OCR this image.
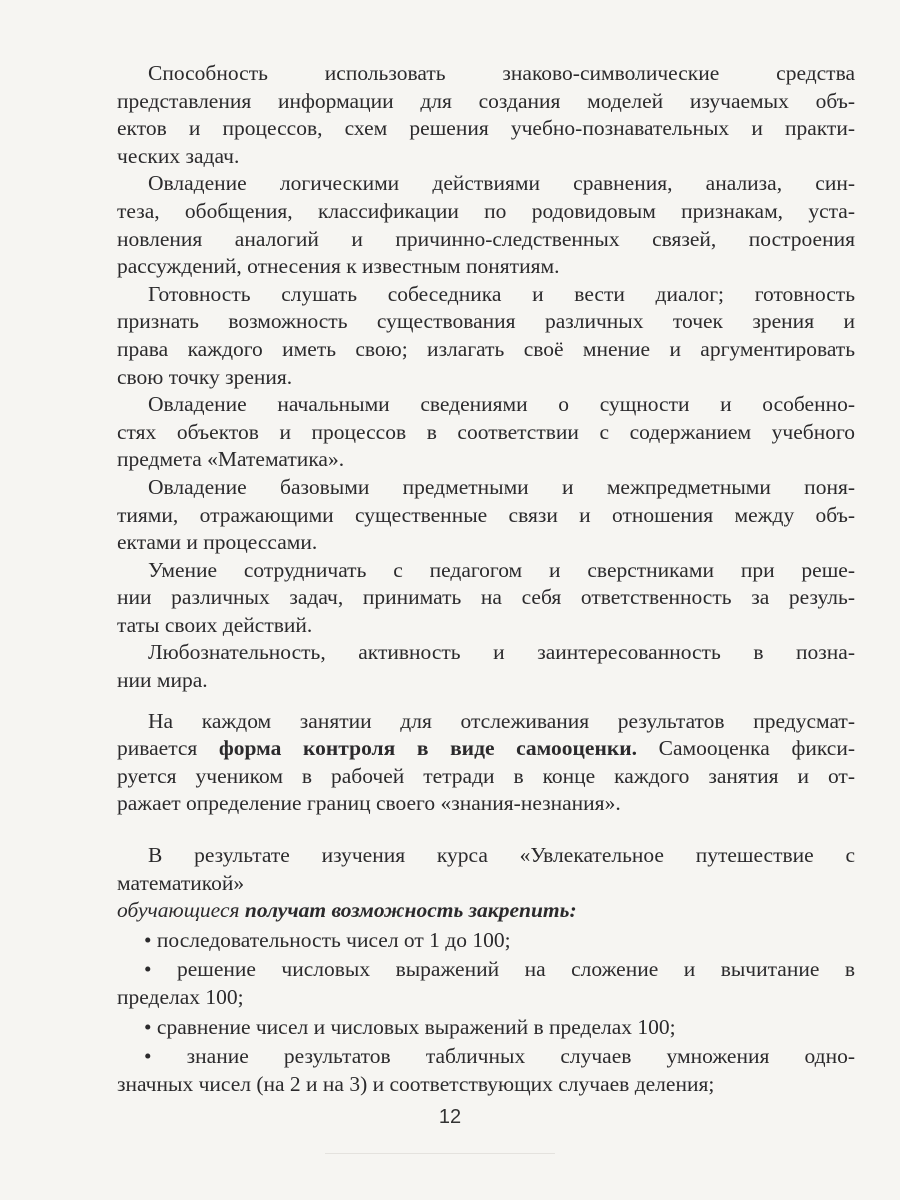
Способность использовать знаково-символические средства
представления информации для создания моделей изучаемых объ-
ектов и процессов, схем решения учебно-познавательных и практи-
ческих задач.
Овладение логическими действиями сравнения, анализа, син-
теза, обобщения, классификации по родовидовым признакам, уста-
новления аналогий и причинно-следственных связей, построения
рассуждений, отнесения к известным понятиям.
Готовность слушать собеседника и вести диалог; готовность
признать возможность существования различных точек зрения и
права каждого иметь свою; излагать своё мнение и аргументировать
свою точку зрения.
Овладение начальными сведениями о сущности и особенно-
стях объектов и процессов в соответствии с содержанием учебного
предмета «Математика».
Овладение базовыми предметными и межпредметными поня-
тиями, отражающими существенные связи и отношения между объ-
ектами и процессами.
Умение сотрудничать с педагогом и сверстниками при реше-
нии различных задач, принимать на себя ответственность за резуль-
таты своих действий.
Любознательность, активность и заинтересованность в позна-
нии мира.
На каждом занятии для отслеживания результатов предусмат-
ривается форма контроля в виде самооценки. Самооценка фикси-
руется учеником в рабочей тетради в конце каждого занятия и от-
ражает определение границ своего «знания-незнания».
В результате изучения курса «Увлекательное путешествие с
математикой»
обучающиеся получат возможность закрепить:
• последовательность чисел от 1 до 100;
• решение числовых выражений на сложение и вычитание в
пределах 100;
• сравнение чисел и числовых выражений в пределах 100;
• знание результатов табличных случаев умножения одно-
значных чисел (на 2 и на 3) и соответствующих случаев деления;
12
